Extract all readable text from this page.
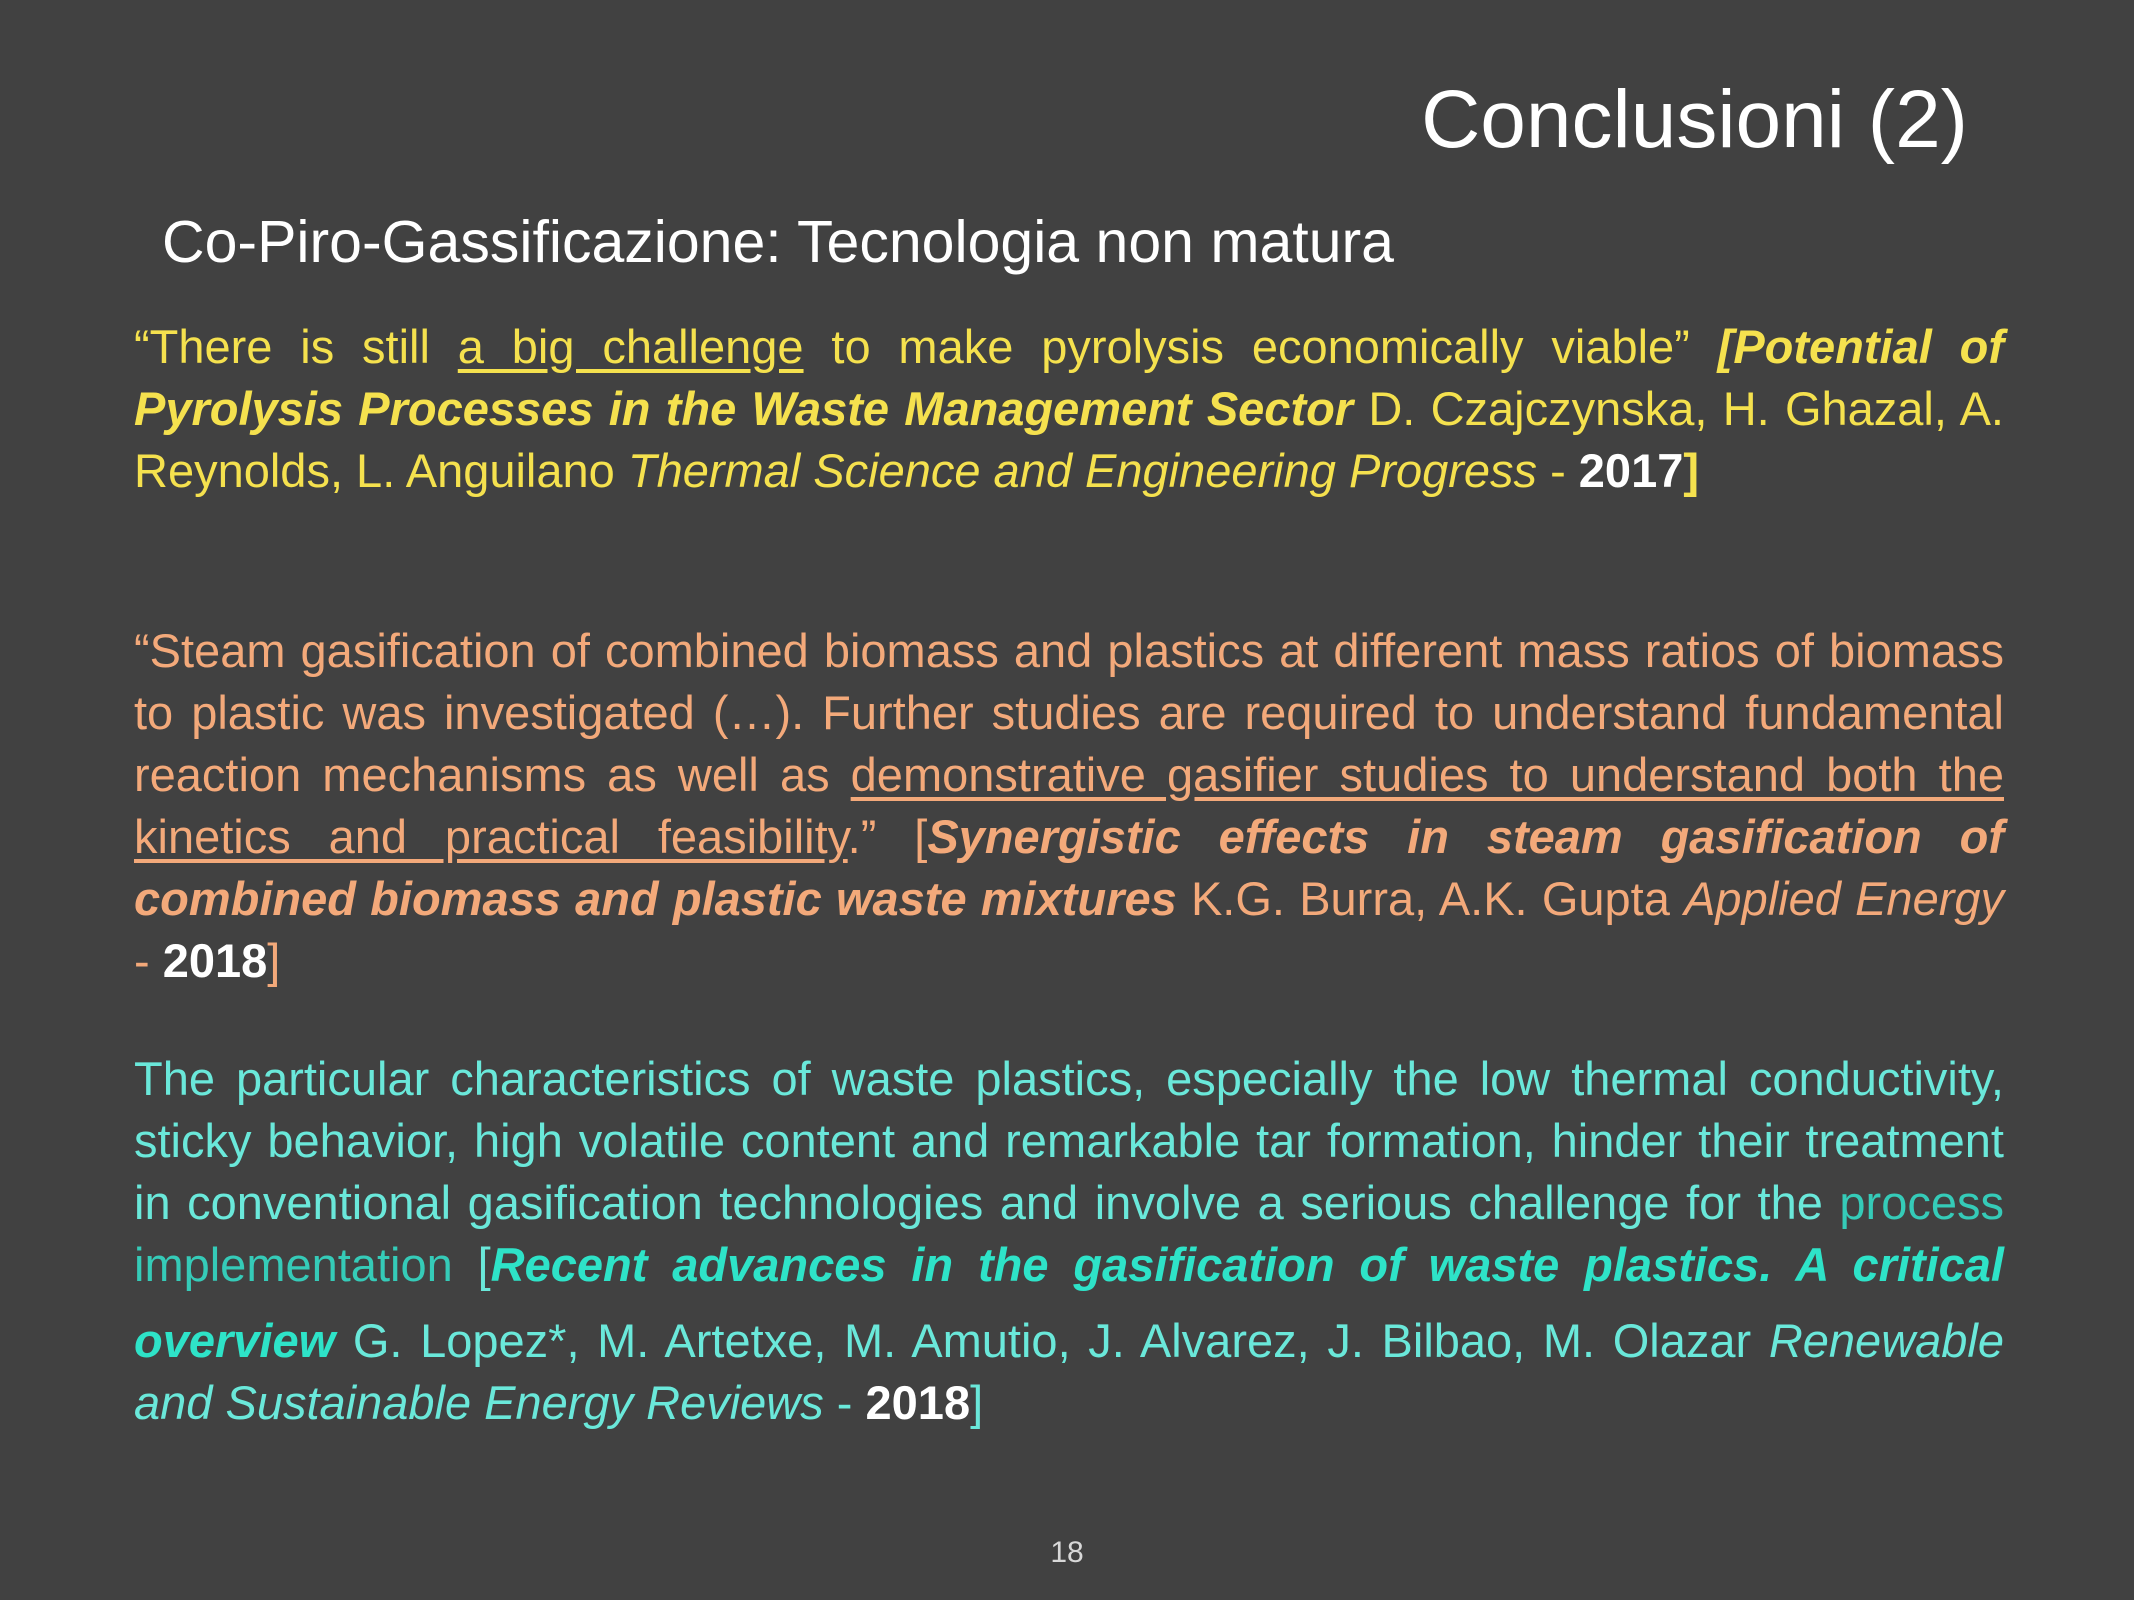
Conclusioni (2)
Co-Piro-Gassificazione: Tecnologia non matura

“There is still a big challenge to make pyrolysis economically viable” [Potential of Pyrolysis Processes in the Waste Management Sector D. Czajczynska, H. Ghazal, A. Reynolds, L. Anguilano Thermal Science and Engineering Progress - 2017]

“Steam gasification of combined biomass and plastics at different mass ratios of biomass to plastic was investigated (…). Further studies are required to understand fundamental reaction mechanisms as well as demonstrative gasifier studies to understand both the kinetics and practical feasibility.” [Synergistic effects in steam gasification of combined biomass and plastic waste mixtures K.G. Burra, A.K. Gupta Applied Energy - 2018]

The particular characteristics of waste plastics, especially the low thermal conductivity, sticky behavior, high volatile content and remarkable tar formation, hinder their treatment in conventional gasification technologies and involve a serious challenge for the process implementation [Recent advances in the gasification of waste plastics. A critical overview G. Lopez*, M. Artetxe, M. Amutio, J. Alvarez, J. Bilbao, M. Olazar Renewable and Sustainable Energy Reviews - 2018]

18
